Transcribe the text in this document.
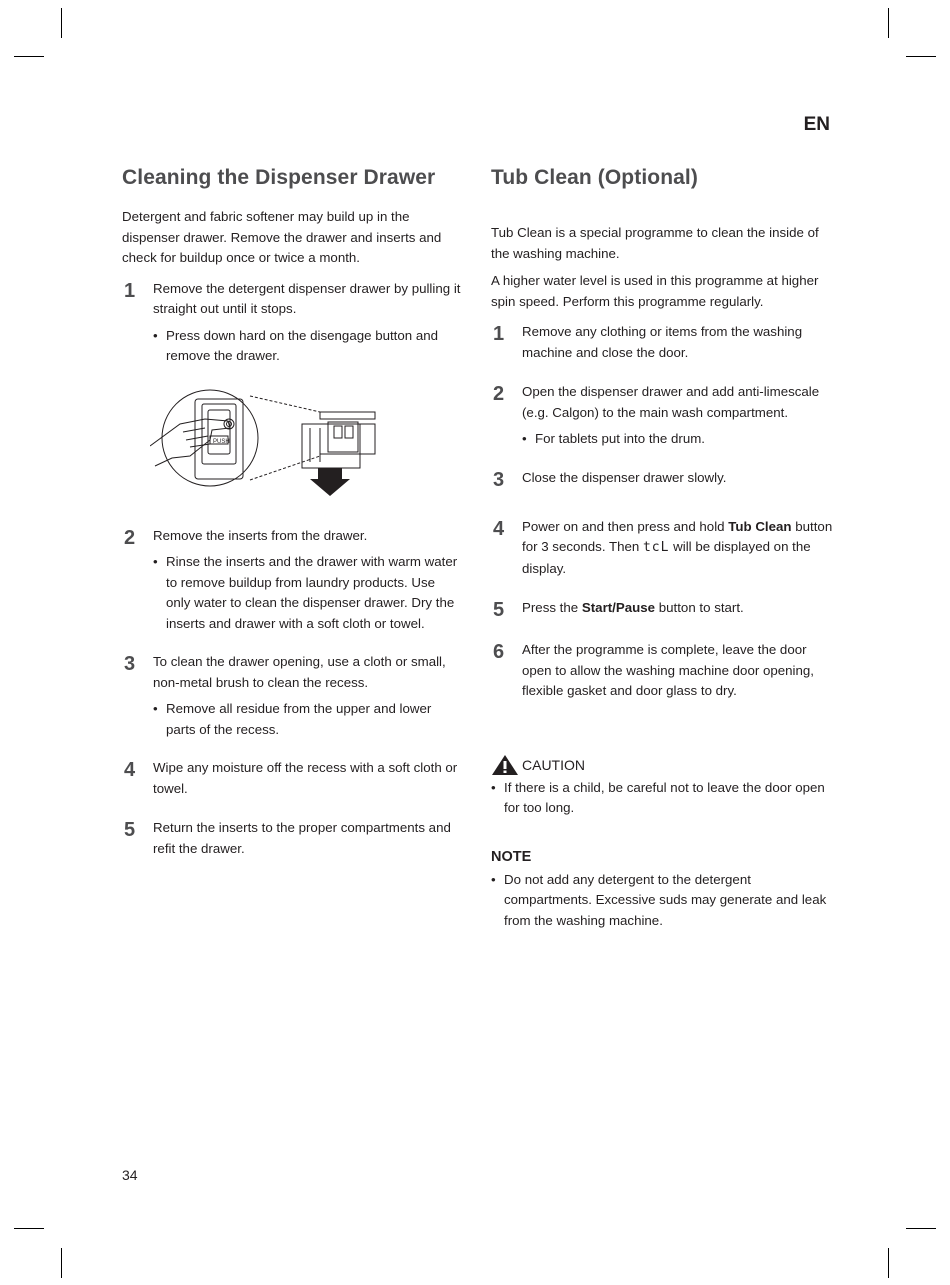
EN
Cleaning the Dispenser Drawer

Detergent and fabric softener may build up in the dispenser drawer. Remove the drawer and inserts and check for buildup once or twice a month.

1	Remove the detergent dispenser drawer by pulling it straight out until it stops.

• Press down hard on the disengage button and remove the drawer.
PUSH
2	Remove the inserts from the drawer.

• Rinse the inserts and the drawer with warm water to remove buildup from laundry products. Use only water to clean the dispenser drawer. Dry the inserts and drawer with a soft cloth or towel.
3	To clean the drawer opening, use a cloth or small, non-metal brush to clean the recess.

• Remove all residue from the upper and lower parts of the recess.
4	Wipe any moisture off the recess with a soft cloth or towel.

5	Return the inserts to the proper compartments and refit the drawer.

Tub Clean (Optional)

Tub Clean is a special programme to clean the inside of the washing machine.

A higher water level is used in this programme at higher spin speed. Perform this programme regularly.

1	Remove any clothing or items from the washing machine and close the door.

2	Open the dispenser drawer and add anti-limescale (e.g. Calgon) to the main wash compartment.

• For tablets put into the drum.
3	Close the dispenser drawer slowly.

4	Power on and then press and hold Tub Clean button for 3 seconds. Then tcL will be displayed on the display.

5	Press the Start/Pause button to start.

6	After the programme is complete, leave the door open to allow the washing machine door opening, flexible gasket and door glass to dry.

CAUTION
• If there is a child, be careful not to leave the door open for too long.
NOTE
• Do not add any detergent to the detergent compartments. Excessive suds may generate and leak from the washing machine.
34
